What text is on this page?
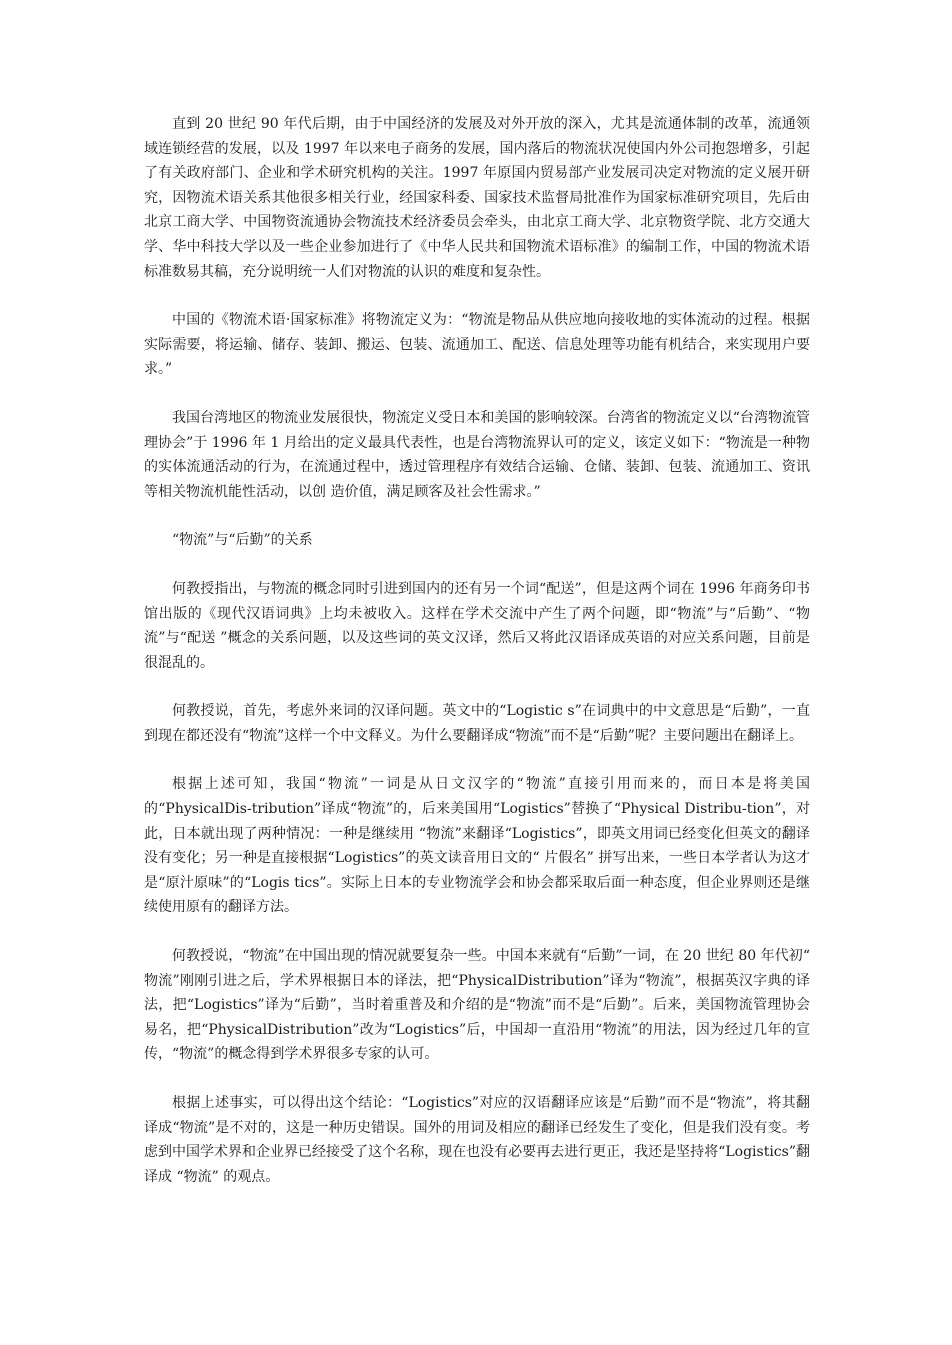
直到 20 世纪 90 年代后期，由于中国经济的发展及对外开放的深入，尤其是流通体制的改革，流通领域连锁经营的发展，以及 1997 年以来电子商务的发展，国内落后的物流状况使国内外公司抱怨增多，引起了有关政府部门、企业和学术研究机构的关注。1997 年原国内贸易部产业发展司决定对物流的定义展开研究，因物流术语关系其他很多相关行业，经国家科委、国家技术监督局批准作为国家标准研究项目，先后由北京工商大学、中国物资流通协会物流技术经济委员会牵头，由北京工商大学、北京物资学院、北方交通大学、华中科技大学以及一些企业参加进行了《中华人民共和国物流术语标准》的编制工作，中国的物流术语标准数易其稿，充分说明统一人们对物流的认识的难度和复杂性。

中国的《物流术语·国家标准》将物流定义为：“物流是物品从供应地向接收地的实体流动的过程。根据实际需要，将运输、储存、装卸、搬运、包装、流通加工、配送、信息处理等功能有机结合，来实现用户要求。”

我国台湾地区的物流业发展很快，物流定义受日本和美国的影响较深。台湾省的物流定义以“台湾物流管理协会”于 1996 年 1 月给出的定义最具代表性，也是台湾物流界认可的定义，该定义如下：“物流是一种物的实体流通活动的行为，在流通过程中，透过管理程序有效结合运输、仓储、装卸、包装、流通加工、资讯等相关物流机能性活动，以创 造价值，满足顾客及社会性需求。”

“物流”与“后勤”的关系

何教授指出，与物流的概念同时引进到国内的还有另一个词“配送”，但是这两个词在 1996 年商务印书馆出版的《现代汉语词典》上均未被收入。这样在学术交流中产生了两个问题，即“物流”与“后勤”、“物流”与“配送 ”概念的关系问题，以及这些词的英文汉译，然后又将此汉语译成英语的对应关系问题，目前是很混乱的。

何教授说，首先，考虑外来词的汉译问题。英文中的“Logistic s”在词典中的中文意思是“后勤”，一直到现在都还没有“物流”这样一个中文释义。为什么要翻译成“物流”而不是“后勤”呢？主要问题出在翻译上。

根据上述可知，我国“物流”一词是从日文汉字的“物流”直接引用而来的，而日本是将美国的“PhysicalDis-tribution”译成“物流”的，后来美国用“Logistics”替换了“Physical Distribu-tion”，对此，日本就出现了两种情况：一种是继续用 “物流”来翻译“Logistics”，即英文用词已经变化但英文的翻译没有变化；另一种是直接根据“Logistics”的英文读音用日文的“ 片假名” 拼写出来，一些日本学者认为这才是“原汁原味”的“Logis tics”。实际上日本的专业物流学会和协会都采取后面一种态度，但企业界则还是继续使用原有的翻译方法。

何教授说，“物流”在中国出现的情况就要复杂一些。中国本来就有“后勤”一词，在 20 世纪 80 年代初“ 物流”刚刚引进之后，学术界根据日本的译法，把“PhysicalDistribution”译为“物流”，根据英汉字典的译法，把“Logistics”译为“后勤”，当时着重普及和介绍的是“物流”而不是“后勤”。后来，美国物流管理协会易名，把“PhysicalDistribution”改为“Logistics”后，中国却一直沿用“物流”的用法，因为经过几年的宣传，“物流”的概念得到学术界很多专家的认可。

根据上述事实，可以得出这个结论：“Logistics”对应的汉语翻译应该是“后勤”而不是“物流”，将其翻译成“物流”是不对的，这是一种历史错误。国外的用词及相应的翻译已经发生了变化，但是我们没有变。考虑到中国学术界和企业界已经接受了这个名称，现在也没有必要再去进行更正，我还是坚持将“Logistics”翻译成 “物流” 的观点。
